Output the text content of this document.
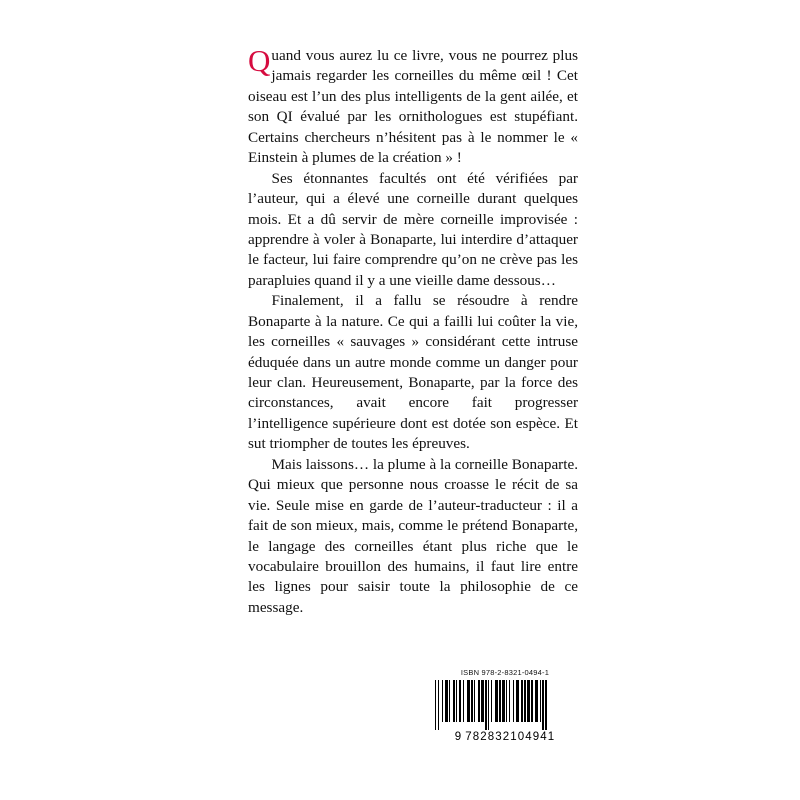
Quand vous aurez lu ce livre, vous ne pourrez plus jamais regarder les corneilles du même œil ! Cet oiseau est l’un des plus intelligents de la gent ailée, et son QI évalué par les ornithologues est stupéfiant. Certains chercheurs n’hésitent pas à le nommer le « Einstein à plumes de la création » !

Ses étonnantes facultés ont été vérifiées par l’auteur, qui a élevé une corneille durant quelques mois. Et a dû servir de mère corneille improvisée : apprendre à voler à Bonaparte, lui interdire d’attaquer le facteur, lui faire comprendre qu’on ne crève pas les parapluies quand il y a une vieille dame dessous…

Finalement, il a fallu se résoudre à rendre Bonaparte à la nature. Ce qui a failli lui coûter la vie, les corneilles « sauvages » considérant cette intruse éduquée dans un autre monde comme un danger pour leur clan. Heureusement, Bonaparte, par la force des circonstances, avait encore fait progresser l’intelligence supérieure dont est dotée son espèce. Et sut triompher de toutes les épreuves.

Mais laissons… la plume à la corneille Bonaparte. Qui mieux que personne nous croasse le récit de sa vie. Seule mise en garde de l’auteur-traducteur : il a fait de son mieux, mais, comme le prétend Bonaparte, le langage des corneilles étant plus riche que le vocabulaire brouillon des humains, il faut lire entre les lignes pour saisir toute la philosophie de ce message.

ISBN 978-2-8321-0494-1
9 782832104941
